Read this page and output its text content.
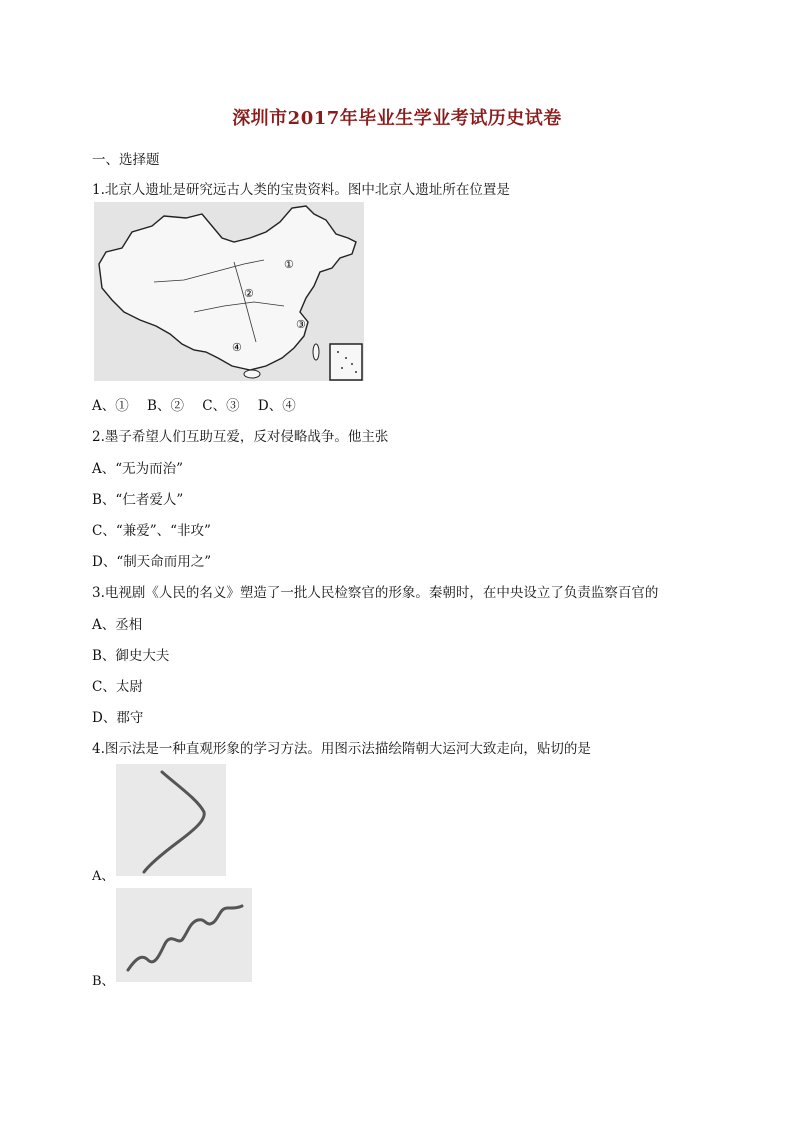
深圳市2017年毕业生学业考试历史试卷
一、选择题
1.北京人遗址是研究远古人类的宝贵资料。图中北京人遗址所在位置是
①
②
③
④
A、① B、② C、③ D、④
2.墨子希望人们互助互爱，反对侵略战争。他主张
A、“无为而治”
B、“仁者爱人”
C、“兼爱”、“非攻”
D、“制天命而用之”
3.电视剧《人民的名义》塑造了一批人民检察官的形象。秦朝时，在中央设立了负责监察百官的
A、丞相
B、御史大夫
C、太尉
D、郡守
4.图示法是一种直观形象的学习方法。用图示法描绘隋朝大运河大致走向，贴切的是
A、
B、
